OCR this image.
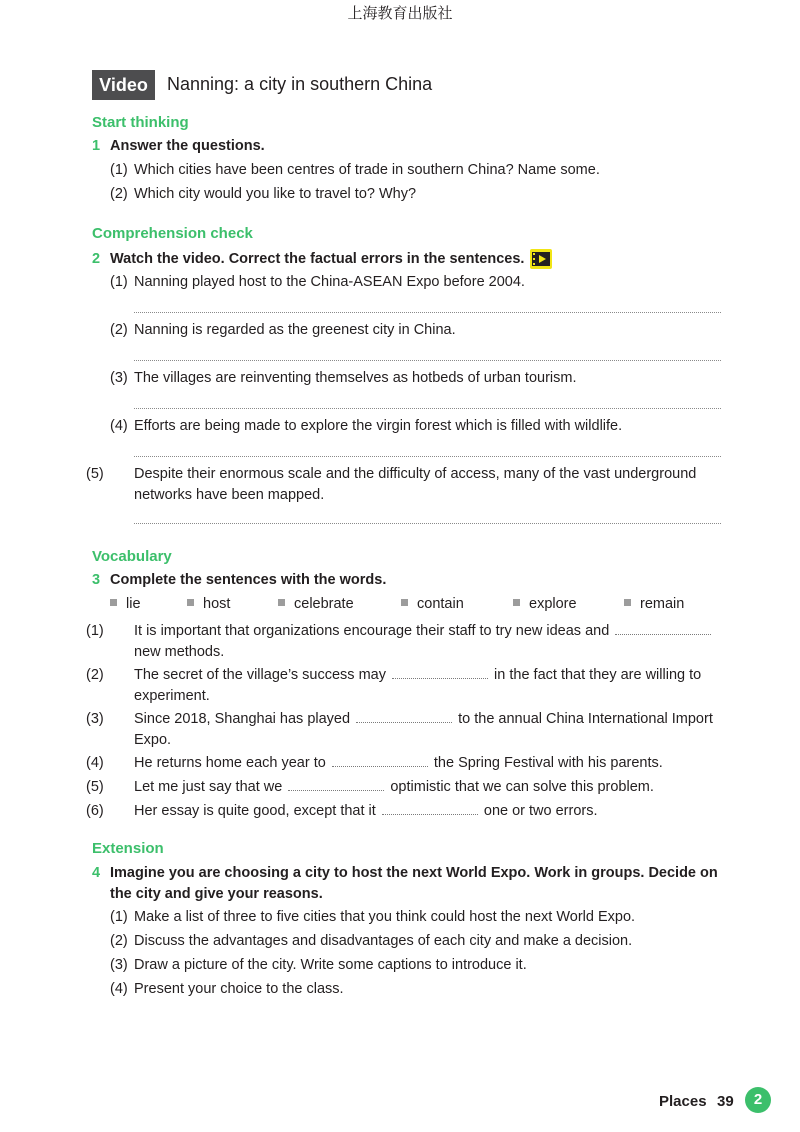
上海教育出版社
Video	Nanning: a city in southern China
Start thinking
1 Answer the questions.
(1) Which cities have been centres of trade in southern China? Name some.
(2) Which city would you like to travel to? Why?
Comprehension check
2 Watch the video. Correct the factual errors in the sentences.
(1) Nanning played host to the China-ASEAN Expo before 2004.
(2) Nanning is regarded as the greenest city in China.
(3) The villages are reinventing themselves as hotbeds of urban tourism.
(4) Efforts are being made to explore the virgin forest which is filled with wildlife.
(5) Despite their enormous scale and the difficulty of access, many of the vast underground networks have been mapped.
Vocabulary
3 Complete the sentences with the words.
lie	host	celebrate	contain	explore	remain
(1) It is important that organizations encourage their staff to try new ideas and  new methods.
(2) The secret of the village’s success may	in the fact that they are willing to experiment.
(3) Since 2018, Shanghai has played	to the annual China International Import Expo.
(4) He returns home each year to	the Spring Festival with his parents.
(5) Let me just say that we	optimistic that we can solve this problem.
(6) Her essay is quite good, except that it	one or two errors.
Extension
4 Imagine you are choosing a city to host the next World Expo. Work in groups. Decide on the city and give your reasons.
(1) Make a list of three to five cities that you think could host the next World Expo.
(2) Discuss the advantages and disadvantages of each city and make a decision.
(3) Draw a picture of the city. Write some captions to introduce it.
(4) Present your choice to the class.
Places 39	2
